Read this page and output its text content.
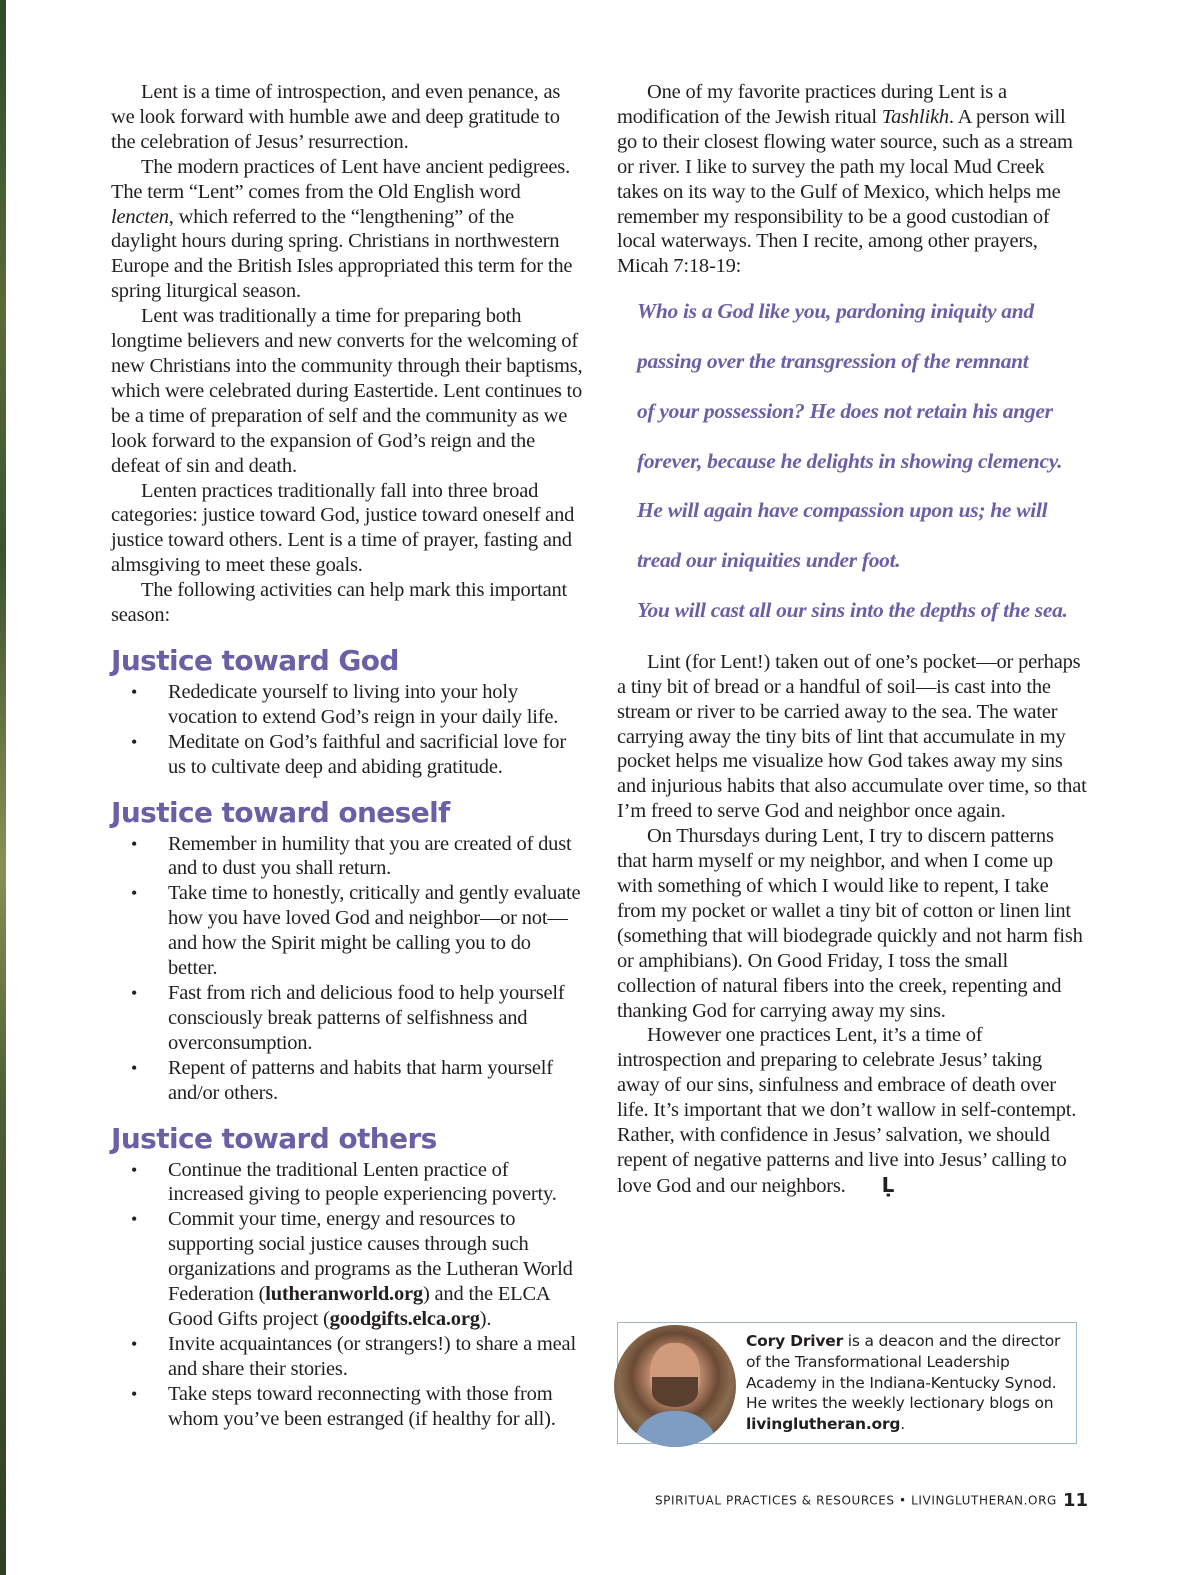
Lent is a time of introspection, and even penance, as we look forward with humble awe and deep gratitude to the celebration of Jesus’ resurrection.

The modern practices of Lent have ancient pedigrees. The term “Lent” comes from the Old English word lencten, which referred to the “lengthening” of the daylight hours during spring. Christians in northwestern Europe and the British Isles appropriated this term for the spring liturgical season.

Lent was traditionally a time for preparing both longtime believers and new converts for the welcoming of new Christians into the community through their baptisms, which were celebrated during Eastertide. Lent continues to be a time of preparation of self and the community as we look forward to the expansion of God’s reign and the defeat of sin and death.

Lenten practices traditionally fall into three broad categories: justice toward God, justice toward oneself and justice toward others. Lent is a time of prayer, fasting and almsgiving to meet these goals.

The following activities can help mark this important season:

Justice toward God
• Rededicate yourself to living into your holy vocation to extend God’s reign in your daily life.
• Meditate on God’s faithful and sacrificial love for us to cultivate deep and abiding gratitude.
Justice toward oneself
• Remember in humility that you are created of dust and to dust you shall return.
• Take time to honestly, critically and gently evaluate how you have loved God and neighbor—or not—and how the Spirit might be calling you to do better.
• Fast from rich and delicious food to help yourself consciously break patterns of selfishness and overconsumption.
• Repent of patterns and habits that harm yourself and/or others.
Justice toward others
• Continue the traditional Lenten practice of increased giving to people experiencing poverty.
• Commit your time, energy and resources to supporting social justice causes through such organizations and programs as the Lutheran World Federation (lutheranworld.org) and the ELCA Good Gifts project (goodgifts.elca.org).
• Invite acquaintances (or strangers!) to share a meal and share their stories.
• Take steps toward reconnecting with those from whom you’ve been estranged (if healthy for all).

One of my favorite practices during Lent is a modification of the Jewish ritual Tashlikh. A person will go to their closest flowing water source, such as a stream or river. I like to survey the path my local Mud Creek takes on its way to the Gulf of Mexico, which helps me remember my responsibility to be a good custodian of local waterways. Then I recite, among other prayers, Micah 7:18-19:

Who is a God like you, pardoning iniquity and
passing over the transgression of the remnant
of your possession? He does not retain his anger
forever, because he delights in showing clemency.
He will again have compassion upon us; he will
tread our iniquities under foot.
You will cast all our sins into the depths of the sea.

Lint (for Lent!) taken out of one’s pocket—or perhaps a tiny bit of bread or a handful of soil—is cast into the stream or river to be carried away to the sea. The water carrying away the tiny bits of lint that accumulate in my pocket helps me visualize how God takes away my sins and injurious habits that also accumulate over time, so that I’m freed to serve God and neighbor once again.

On Thursdays during Lent, I try to discern patterns that harm myself or my neighbor, and when I come up with something of which I would like to repent, I take from my pocket or wallet a tiny bit of cotton or linen lint (something that will biodegrade quickly and not harm fish or amphibians). On Good Friday, I toss the small collection of natural fibers into the creek, repenting and thanking God for carrying away my sins.

However one practices Lent, it’s a time of introspection and preparing to celebrate Jesus’ taking away of our sins, sinfulness and embrace of death over life. It’s important that we don’t wallow in self-contempt. Rather, with confidence in Jesus’ salvation, we should repent of negative patterns and live into Jesus’ calling to love God and our neighbors. Ḷ

Cory Driver is a deacon and the director of the Transformational Leadership Academy in the Indiana-Kentucky Synod. He writes the weekly lectionary blogs on livinglutheran.org.
SPIRITUAL PRACTICES & RESOURCES • LIVINGLUTHERAN.ORG 11
